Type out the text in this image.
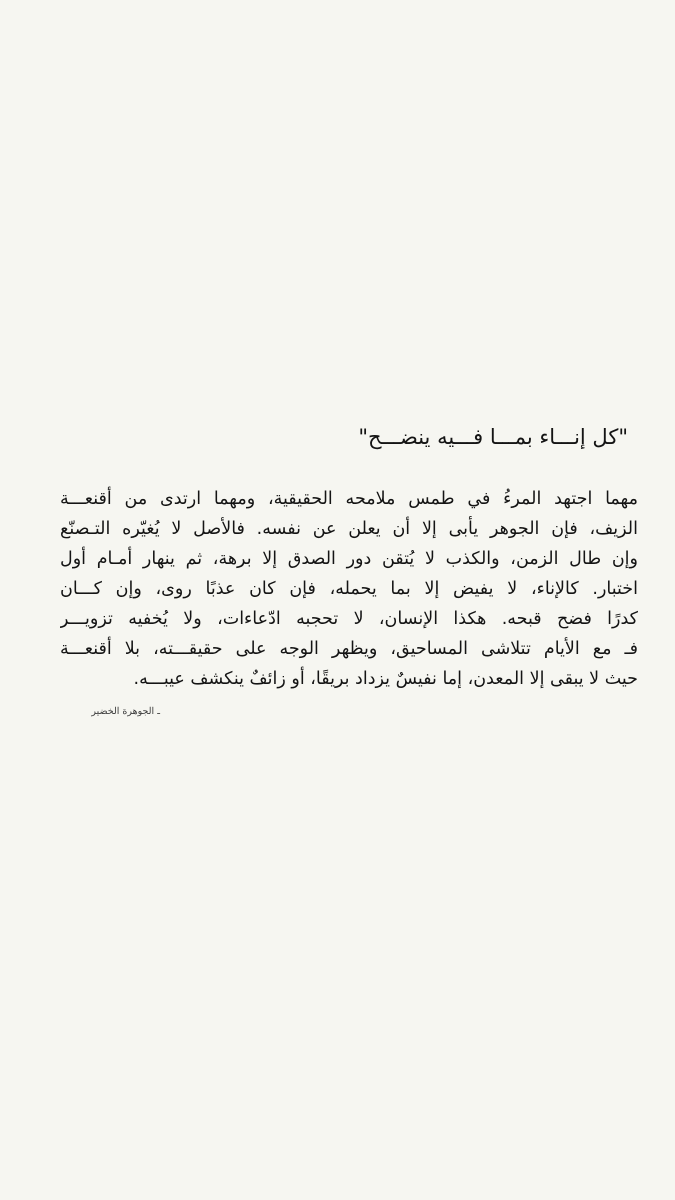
"كل إنـــاء بمـــا فـــيه ينضـــح"
مهما اجتهد المرءُ في طمس ملامحه الحقيقية، ومهما ارتدى من أقنعـــة
الزيف، فإن الجوهر يأبى إلا أن يعلن عن نفسه. فالأصل لا يُغيّره التـصنّع
وإن طال الزمن، والكذب لا يُتقن دور الصدق إلا برهة، ثم ينهار أمـام أول
اختبار. كالإناء، لا يفيض إلا بما يحمله، فإن كان عذبًا روى، وإن كـــان
كدرًا فضح قبحه. هكذا الإنسان، لا تحجبه ادّعاءات، ولا يُخفيه تزويـــر
فـ مع الأيام تتلاشى المساحيق، ويظهر الوجه على حقيقـــته، بلا أقنعـــة
حيث لا يبقى إلا المعدن، إما نفيسٌ يزداد بريقًا، أو زائفٌ ينكشف عيبـــه.
ـ الجوهرة الخضير
